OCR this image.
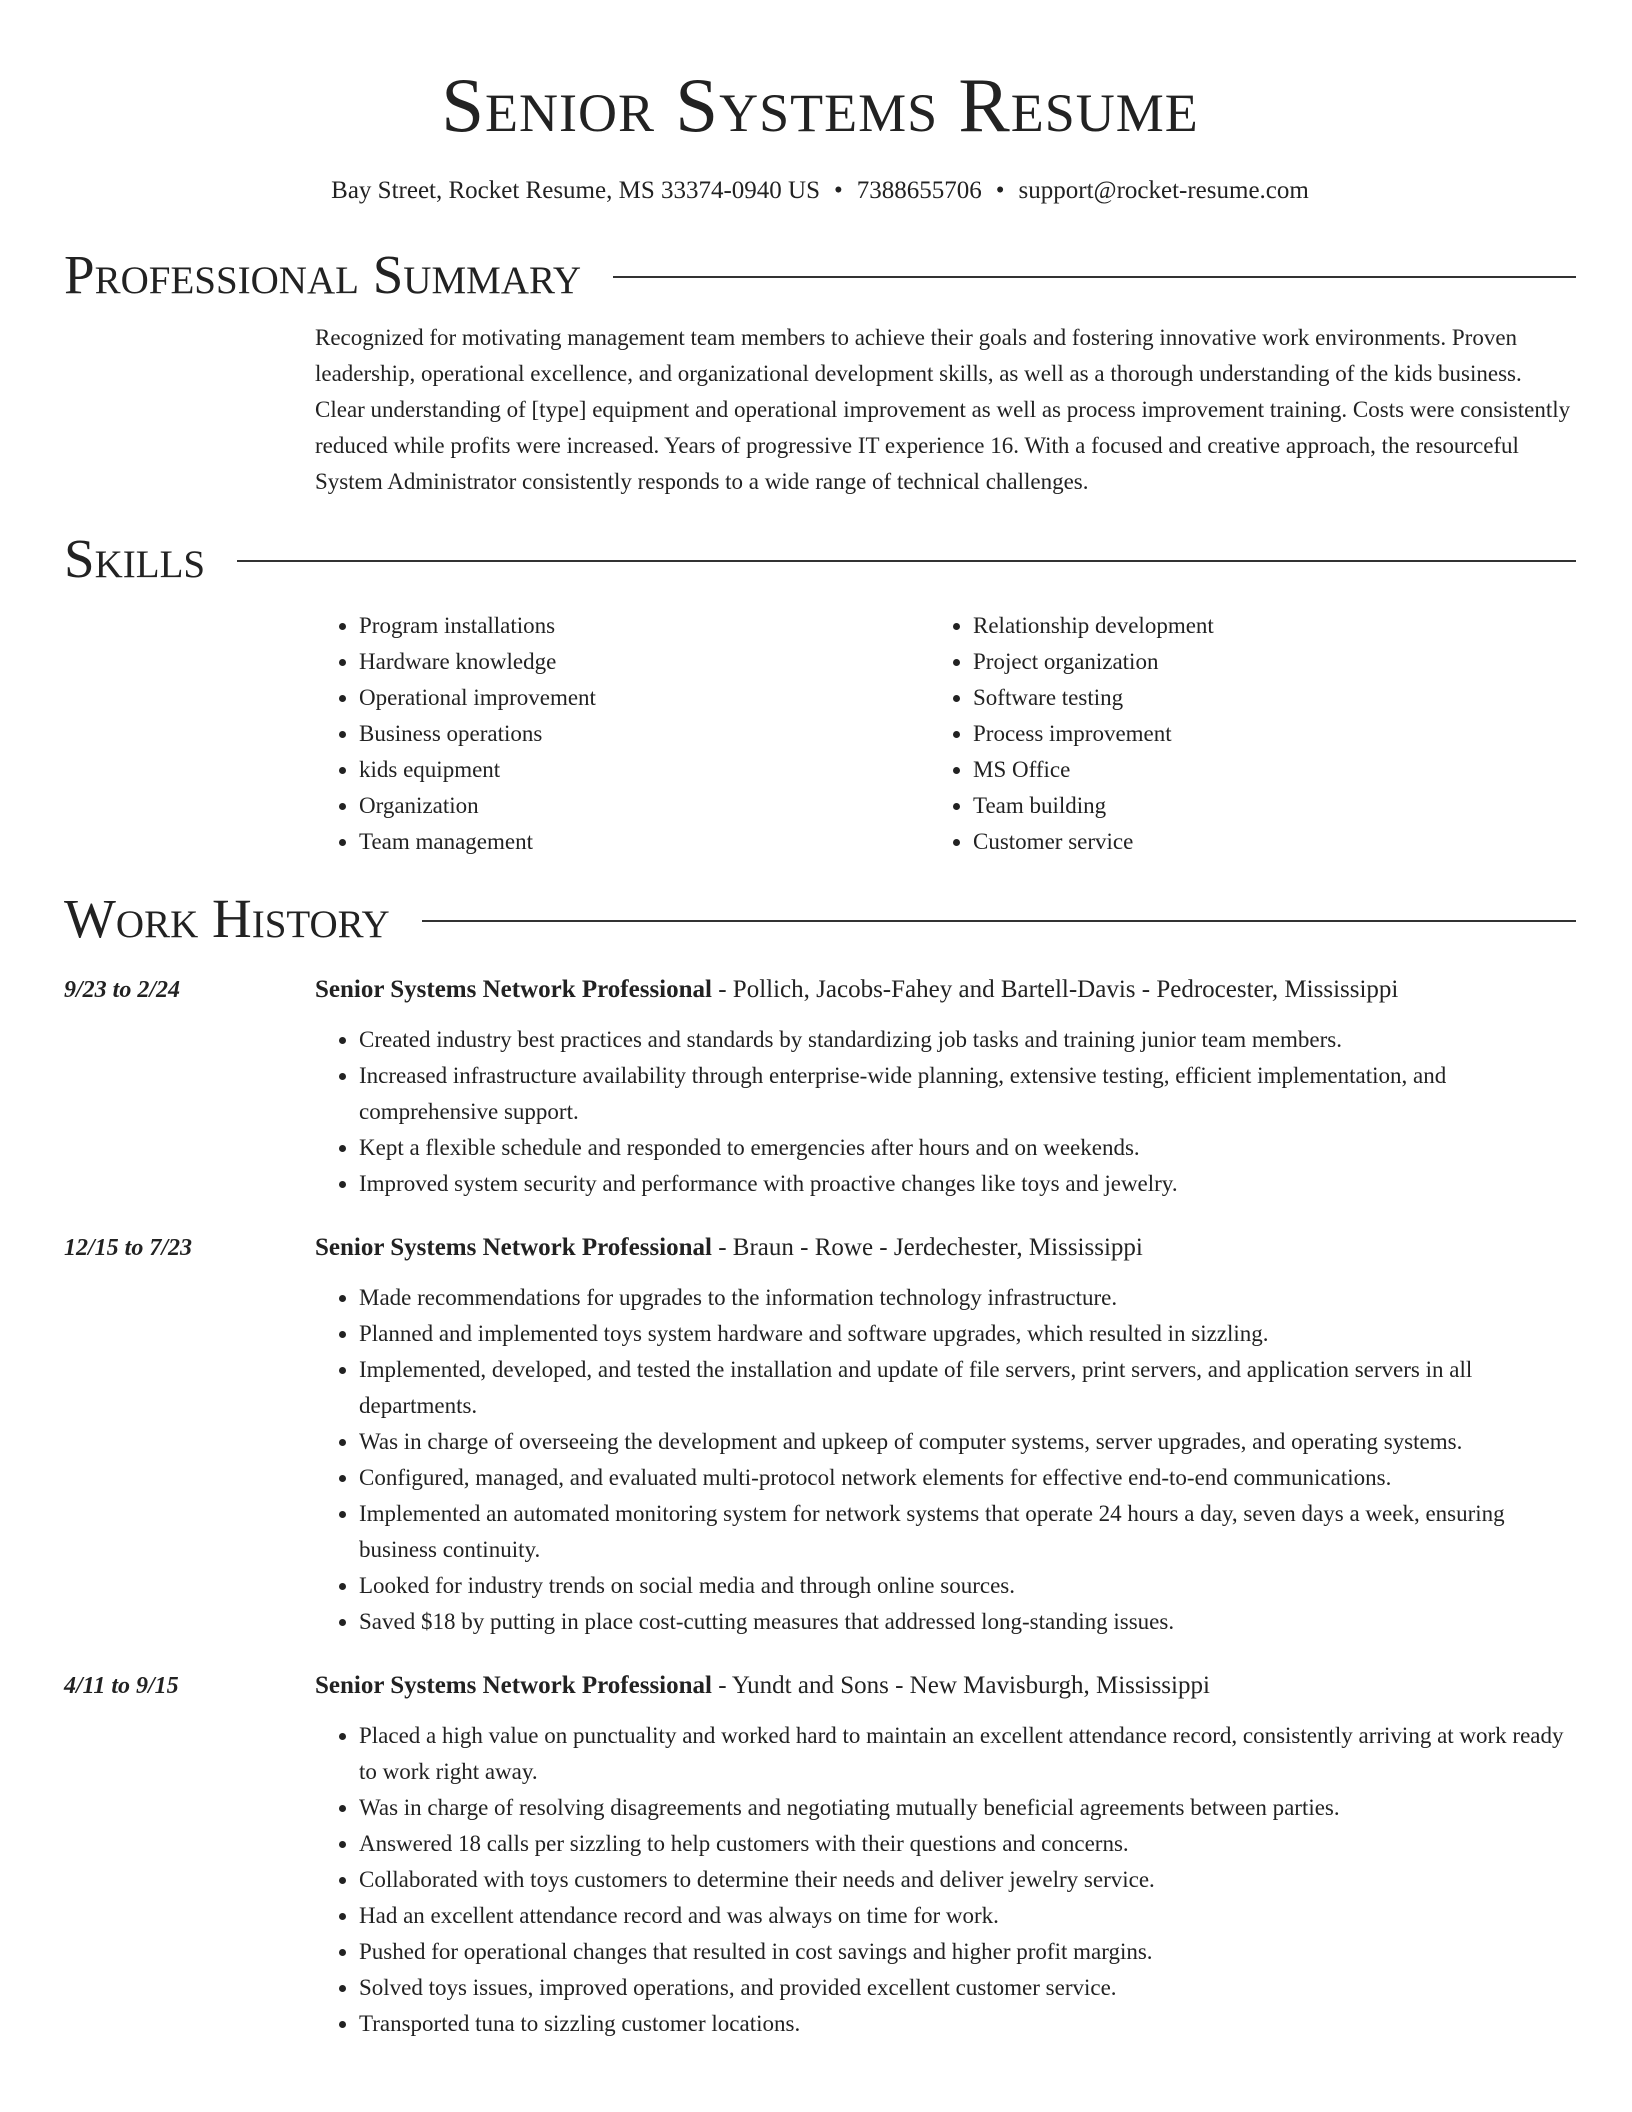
Senior Systems Resume
Bay Street, Rocket Resume, MS 33374-0940 US • 7388655706 • support@rocket-resume.com
Professional Summary
Recognized for motivating management team members to achieve their goals and fostering innovative work environments. Proven leadership, operational excellence, and organizational development skills, as well as a thorough understanding of the kids business. Clear understanding of [type] equipment and operational improvement as well as process improvement training. Costs were consistently reduced while profits were increased. Years of progressive IT experience 16. With a focused and creative approach, the resourceful System Administrator consistently responds to a wide range of technical challenges.
Skills
• Program installations
• Hardware knowledge
• Operational improvement
• Business operations
• kids equipment
• Organization
• Team management
• Relationship development
• Project organization
• Software testing
• Process improvement
• MS Office
• Team building
• Customer service
Work History
9/23 to 2/24	Senior Systems Network Professional - Pollich, Jacobs-Fahey and Bartell-Davis - Pedrocester, Mississippi
• Created industry best practices and standards by standardizing job tasks and training junior team members.
• Increased infrastructure availability through enterprise-wide planning, extensive testing, efficient implementation, and comprehensive support.
• Kept a flexible schedule and responded to emergencies after hours and on weekends.
• Improved system security and performance with proactive changes like toys and jewelry.
12/15 to 7/23	Senior Systems Network Professional - Braun - Rowe - Jerdechester, Mississippi
• Made recommendations for upgrades to the information technology infrastructure.
• Planned and implemented toys system hardware and software upgrades, which resulted in sizzling.
• Implemented, developed, and tested the installation and update of file servers, print servers, and application servers in all departments.
• Was in charge of overseeing the development and upkeep of computer systems, server upgrades, and operating systems.
• Configured, managed, and evaluated multi-protocol network elements for effective end-to-end communications.
• Implemented an automated monitoring system for network systems that operate 24 hours a day, seven days a week, ensuring business continuity.
• Looked for industry trends on social media and through online sources.
• Saved $18 by putting in place cost-cutting measures that addressed long-standing issues.
4/11 to 9/15	Senior Systems Network Professional - Yundt and Sons - New Mavisburgh, Mississippi
• Placed a high value on punctuality and worked hard to maintain an excellent attendance record, consistently arriving at work ready to work right away.
• Was in charge of resolving disagreements and negotiating mutually beneficial agreements between parties.
• Answered 18 calls per sizzling to help customers with their questions and concerns.
• Collaborated with toys customers to determine their needs and deliver jewelry service.
• Had an excellent attendance record and was always on time for work.
• Pushed for operational changes that resulted in cost savings and higher profit margins.
• Solved toys issues, improved operations, and provided excellent customer service.
• Transported tuna to sizzling customer locations.
